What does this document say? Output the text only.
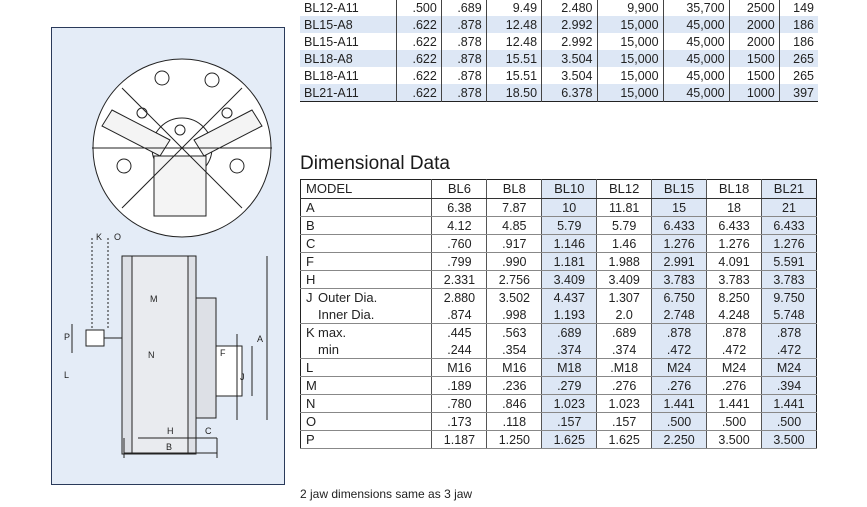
K O
M
P
N
L
F
J
A
H	C
B
BL12-A11	.500	.689	9.49	2.480	9,900	35,700	2500	149
BL15-A8	.622	.878	12.48	2.992	15,000	45,000	2000	186
BL15-A11	.622	.878	12.48	2.992	15,000	45,000	2000	186
BL18-A8	.622	.878	15.51	3.504	15,000	45,000	1500	265
BL18-A11	.622	.878	15.51	3.504	15,000	45,000	1500	265
BL21-A11	.622	.878	18.50	6.378	15,000	45,000	1000	397
Dimensional Data
MODEL	BL6	BL8	BL10	BL12	BL15	BL18	BL21
A	6.38	7.87	10	11.81	15	18	21
B	4.12	4.85	5.79	5.79	6.433	6.433	6.433
C	.760	.917	1.146	1.46	1.276	1.276	1.276
F	.799	.990	1.181	1.988	2.991	4.091	5.591
H	2.331	2.756	3.409	3.409	3.783	3.783	3.783
J Outer Dia.	2.880	3.502	4.437	1.307	6.750	8.250	9.750
Inner Dia.	.874	.998	1.193	2.0	2.748	4.248	5.748
K max.	.445	.563	.689	.689	.878	.878	.878
min	.244	.354	.374	.374	.472	.472	.472
L	M16	M16	M18	.M18	M24	M24	M24
M	.189	.236	.279	.276	.276	.276	.394
N	.780	.846	1.023	1.023	1.441	1.441	1.441
O	.173	.118	.157	.157	.500	.500	.500
P	1.187	1.250	1.625	1.625	2.250	3.500	3.500
2 jaw dimensions same as 3 jaw
